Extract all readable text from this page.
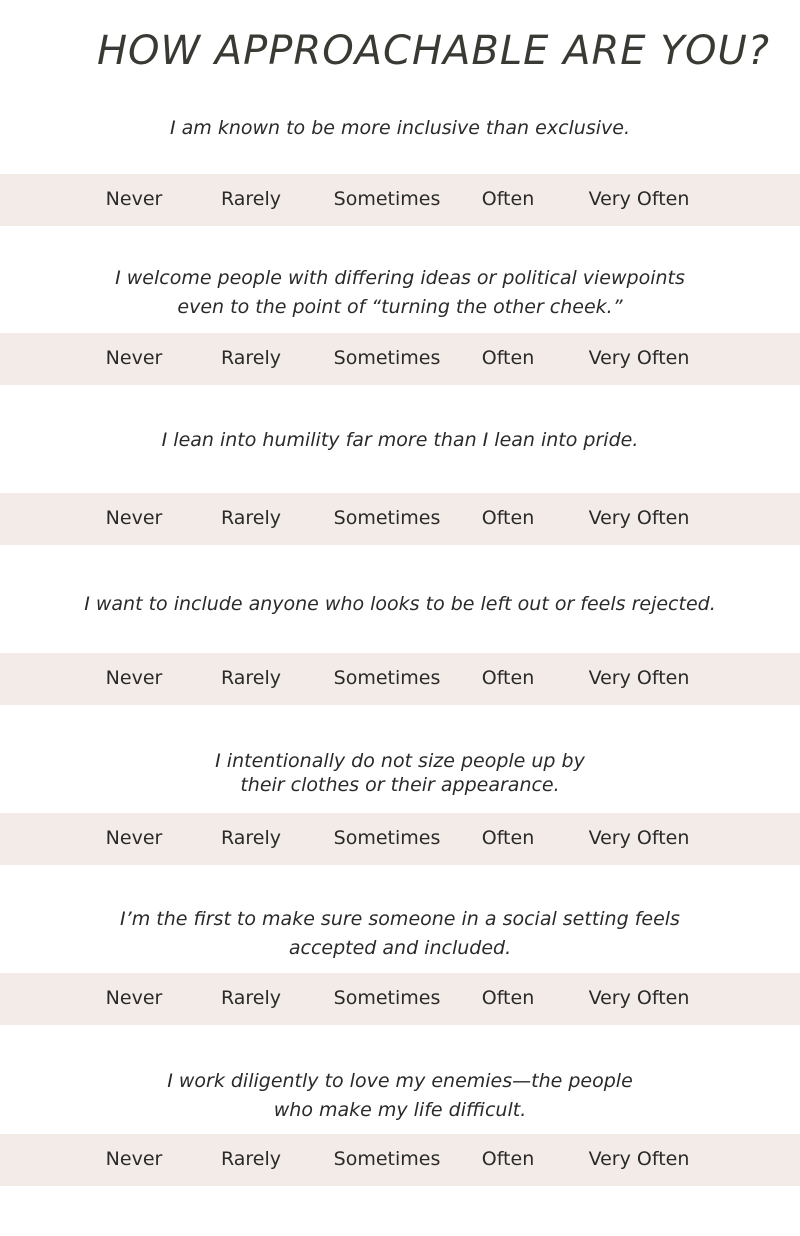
HOW APPROACHABLE ARE YOU?
I am known to be more inclusive than exclusive.
Never	Rarely	Sometimes Often	Very Often
I welcome people with differing ideas or political viewpoints
even to the point of “turning the other cheek.”
Never	Rarely	Sometimes Often	Very Often
I lean into humility far more than I lean into pride.
Never	Rarely	Sometimes Often	Very Often
I want to include anyone who looks to be left out or feels rejected.
Never	Rarely	Sometimes Often	Very Often
I intentionally do not size people up by
their clothes or their appearance.
Never	Rarely	Sometimes Often	Very Often
I’m the first to make sure someone in a social setting feels
accepted and included.
Never	Rarely	Sometimes Often	Very Often
I work diligently to love my enemies—the people
who make my life difficult.
Never	Rarely	Sometimes Often	Very Often
